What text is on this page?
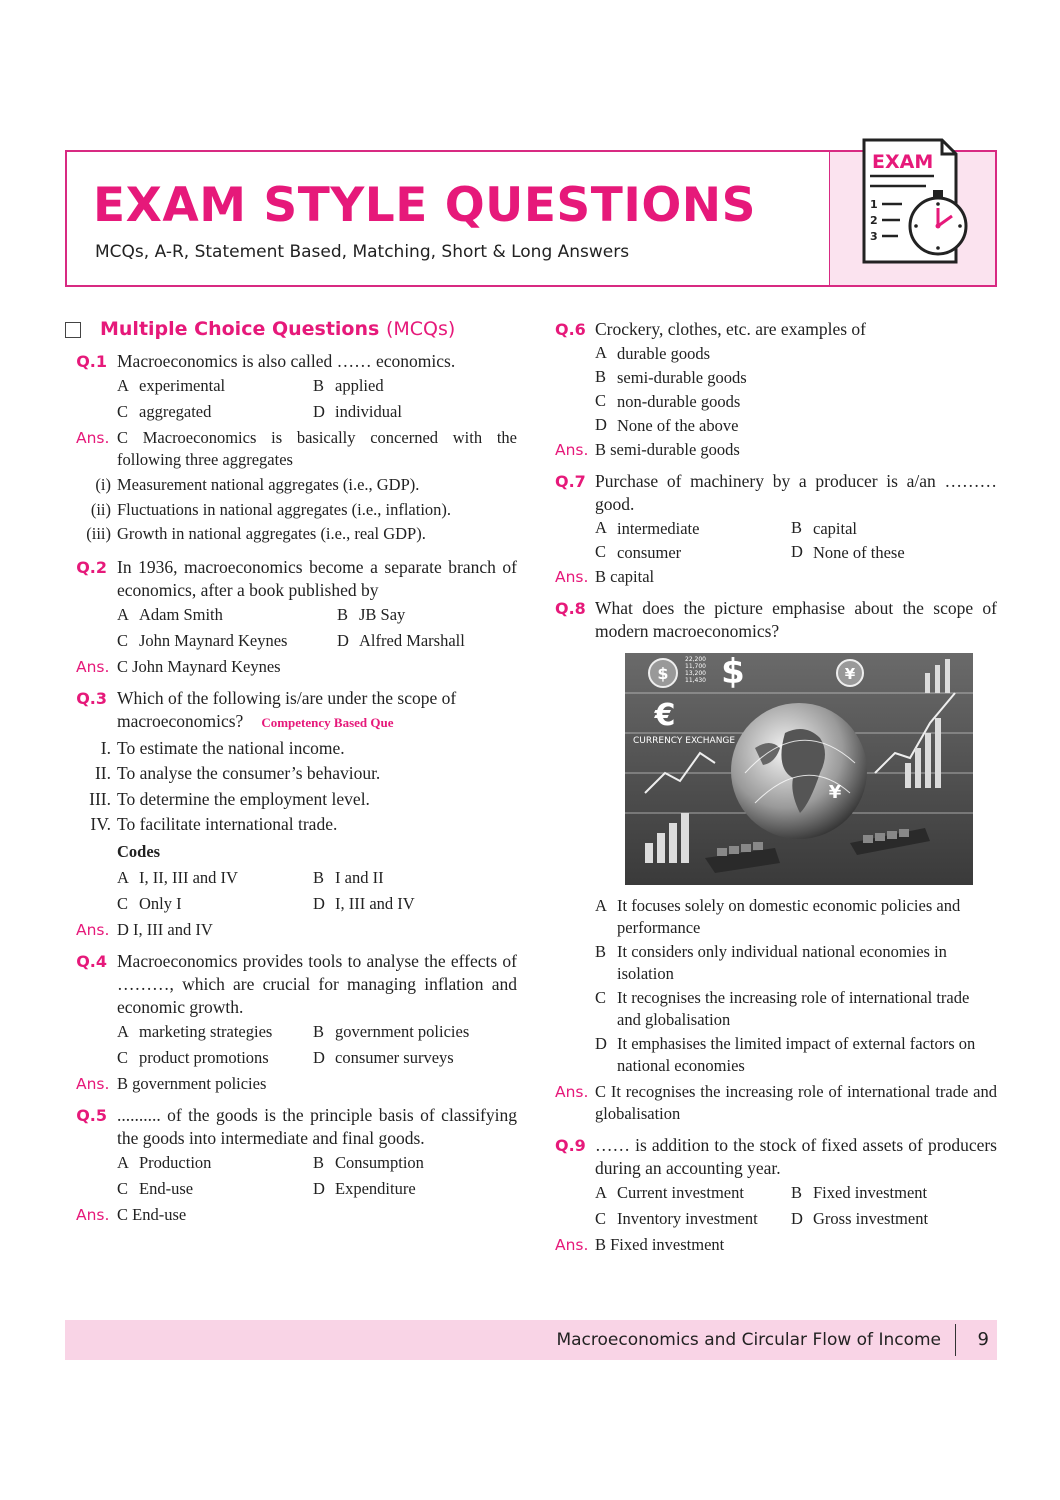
EXAM STYLE QUESTIONS
MCQs, A-R, Statement Based, Matching, Short & Long Answers
EXAM
1
2
3
Multiple Choice Questions (MCQs)
Q.1 Macroeconomics is also called …… economics.
A experimental	B applied
C aggregated	D individual
Ans. C Macroeconomics is basically concerned with the following three aggregates
(i) Measurement national aggregates (i.e., GDP).
(ii) Fluctuations in national aggregates (i.e., inflation).
(iii) Growth in national aggregates (i.e., real GDP).
Q.2 In 1936, macroeconomics become a separate branch of economics, after a book published by
A Adam Smith	B JB Say
C John Maynard Keynes	D Alfred Marshall
Ans. C John Maynard Keynes
Q.3 Which of the following is/are under the scope of macroeconomics? Competency Based Que
I. To estimate the national income.
II. To analyse the consumer’s behaviour.
III. To determine the employment level.
IV. To facilitate international trade.
Codes
A I, II, III and IV	B I and II
C Only I	D I, III and IV
Ans. D I, III and IV
Q.4 Macroeconomics provides tools to analyse the effects of ………, which are crucial for managing inflation and economic growth.
A marketing strategies	B government policies
C product promotions	D consumer surveys
Ans. B government policies
Q.5 .......... of the goods is the principle basis of classifying the goods into intermediate and final goods.
A Production	B Consumption
C End-use	D Expenditure
Ans. C End-use
Q.6 Crockery, clothes, etc. are examples of
A durable goods
B semi-durable goods
C non-durable goods
D None of the above
Ans. B semi-durable goods
Q.7 Purchase of machinery by a producer is a/an ……… good.
A intermediate	B capital
C consumer	D None of these
Ans. B capital
Q.8 What does the picture emphasise about the scope of modern macroeconomics?
$ $
€
CURRENCY EXCHANGE
¥
¥
22,200
11,700
13,200
11,430
A It focuses solely on domestic economic policies and performance
B It considers only individual national economies in isolation
C It recognises the increasing role of international trade and globalisation
D It emphasises the limited impact of external factors on national economies
Ans. C It recognises the increasing role of international trade and globalisation
Q.9 …… is addition to the stock of fixed assets of producers during an accounting year.
A Current investment	B Fixed investment
C Inventory investment	D Gross investment
Ans. B Fixed investment
Macroeconomics and Circular Flow of Income 9
